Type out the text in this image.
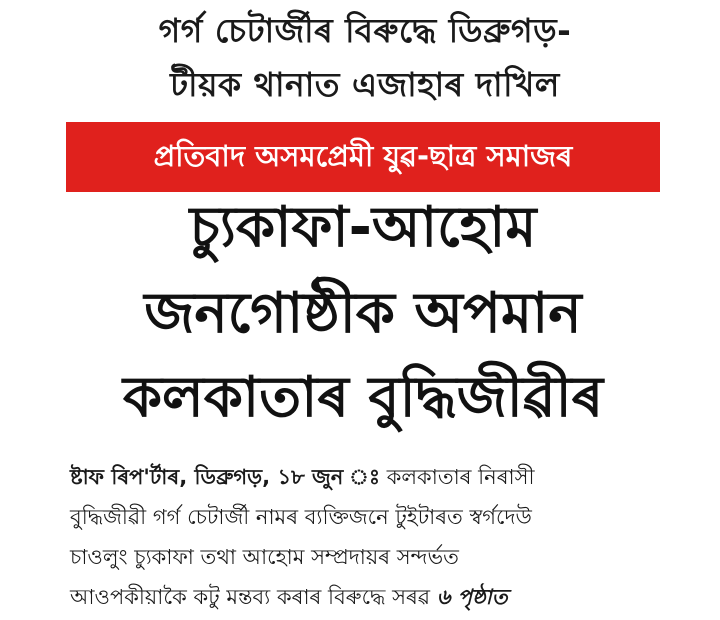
গৰ্গ চেটাৰ্জীৰ বিৰুদ্ধে ডিব্ৰুগড়-
টীয়ক থানাত এজাহাৰ দাখিল
প্ৰতিবাদ অসমপ্ৰেমী যুৱ-ছাত্ৰ সমাজৰ
চ্যুকাফা-আহোম
জনগোষ্ঠীক অপমান
কলকাতাৰ বুদ্ধিজীৱীৰ
ষ্টাফ ৰিপ'ৰ্টাৰ, ডিব্ৰুগড়, ১৮ জুন ঃ কলকাতাৰ নিৰাসী
বুদ্ধিজীৱী গৰ্গ চেটাৰ্জী নামৰ ব্যক্তিজনে টুইটাৰত স্বৰ্গদেউ
চাওলুং চ্যুকাফা তথা আহোম সম্প্ৰদায়ৰ সন্দৰ্ভত
আওপকীয়াকৈ কটু মন্তব্য কৰাৰ বিৰুদ্ধে সৰৱ ৬ পৃষ্ঠাত
